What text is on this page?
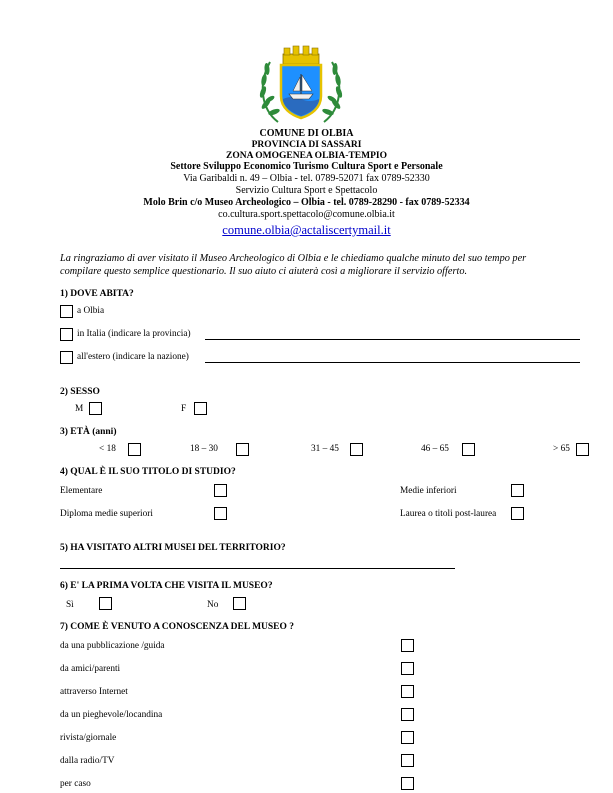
COMUNE DI OLBIA
PROVINCIA DI SASSARI
ZONA OMOGENEA OLBIA-TEMPIO
Settore Sviluppo Economico Turismo Cultura Sport e Personale
Via Garibaldi n. 49 – Olbia - tel. 0789-52071 fax 0789-52330
Servizio Cultura Sport e Spettacolo
Molo Brin c/o Museo Archeologico – Olbia - tel. 0789-28290 - fax 0789-52334
co.cultura.sport.spettacolo@comune.olbia.it
comune.olbia@actaliscertymail.it
La ringraziamo di aver visitato il Museo Archeologico di Olbia e le chiediamo qualche minuto del suo tempo per compilare questo semplice questionario. Il suo aiuto ci aiuterà così a migliorare il servizio offerto.
1) DOVE ABITA?
a Olbia
in Italia (indicare la provincia)
all'estero (indicare la nazione)
2) SESSO
M	F
3) ETÀ (anni)
< 18	18 – 30	31 – 45	46 – 65	> 65
4) QUAL È IL SUO TITOLO DI STUDIO?
Elementare	Medie inferiori
Diploma medie superiori	Laurea o titoli post-laurea
5) HA VISITATO ALTRI MUSEI DEL TERRITORIO?
6) E' LA PRIMA VOLTA CHE VISITA IL MUSEO?
Sì	No
7) COME È VENUTO A CONOSCENZA DEL MUSEO ?
da una pubblicazione /guida
da amici/parenti
attraverso Internet
da un pieghevole/locandina
rivista/giornale
dalla radio/TV
per caso
